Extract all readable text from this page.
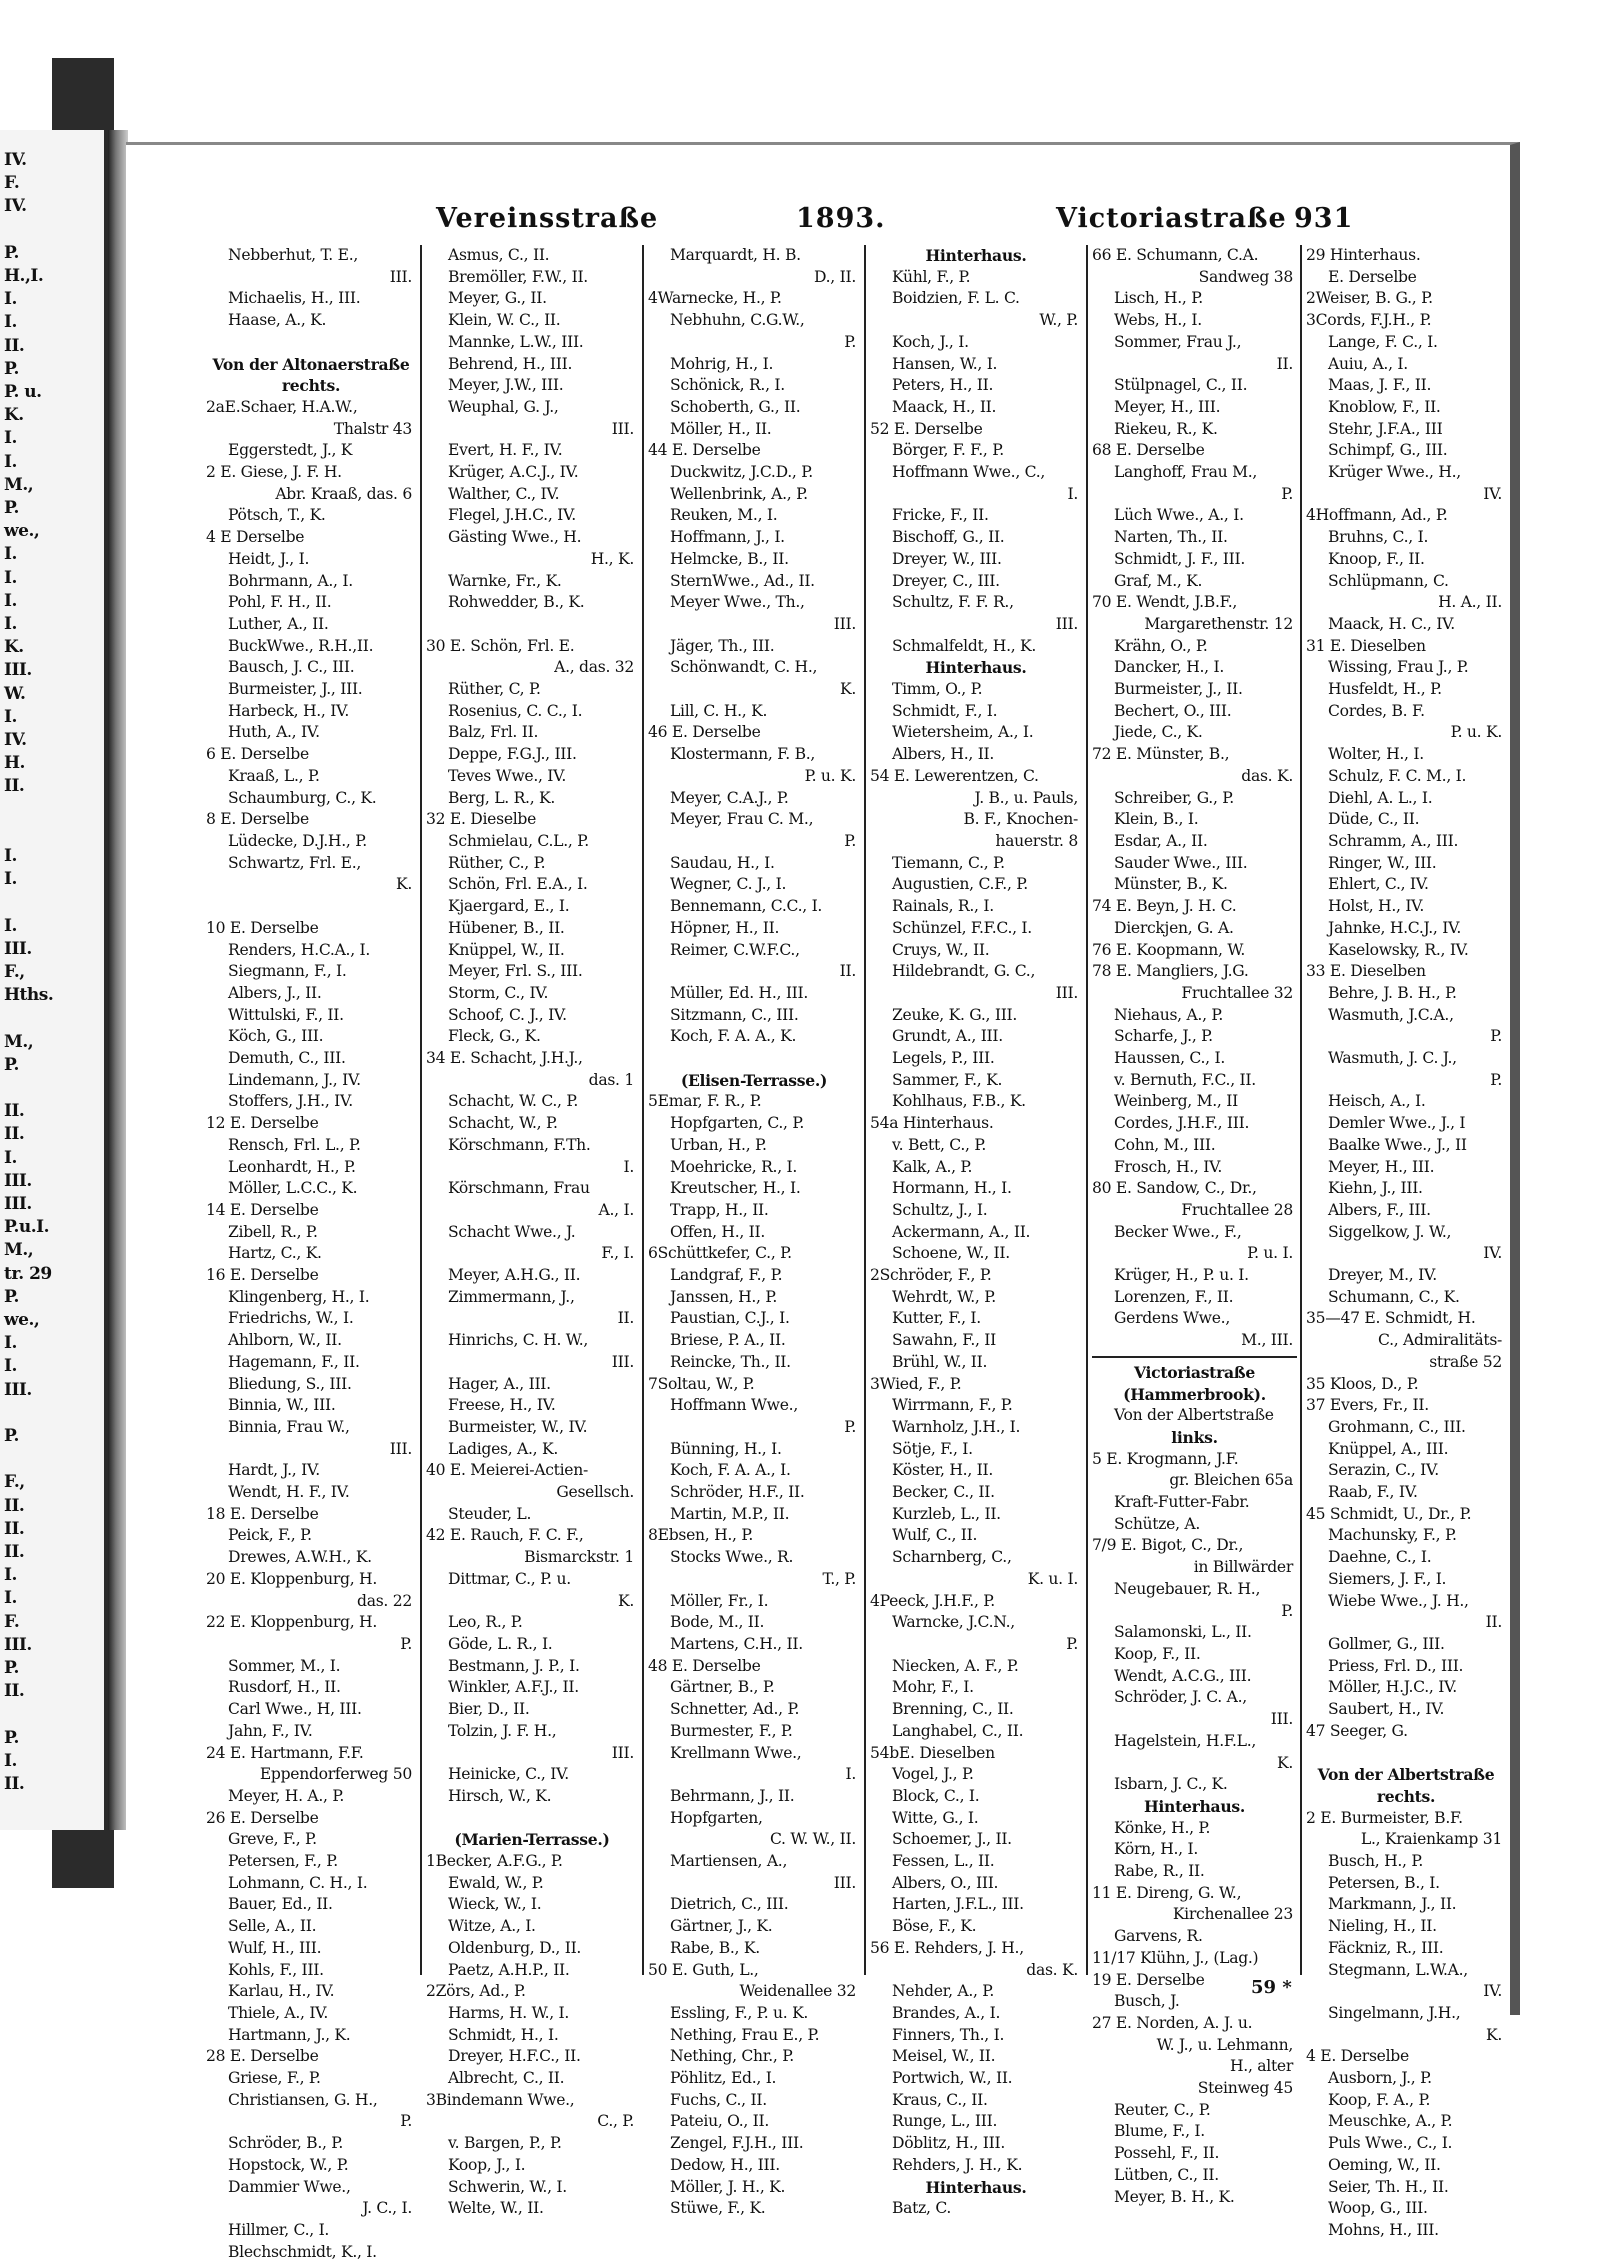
IV.
F.
IV.
P.
H.,I.
I.
I.
II.
P.
P. u.
K.
I.
I.
M.,
P.
we.,
I.
I.
I.
I.
K.
III.
W.
I.
IV.
H.
II.
I.
I.
I.
III.
F.,
Hths.
M.,
P.
II.
II.
I.
III.
III.
P.u.I.
M.,
tr. 29
P.
we.,
I.
I.
III.
P.
F.,
II.
II.
II.
I.
I.
F.
III.
P.
II.
P.
I.
II.
Vereinsstraße	1893.	Victoriastraße 931
Nebberhut, T. E.,
III.
Michaelis, H., III.
Haase, A., K.

Von der Altonaerstraße
rechts.
2aE.Schaer, H.A.W.,
Thalstr 43
Eggerstedt, J., K
2 E. Giese, J. F. H.
Abr. Kraaß, das. 6
Pötsch, T., K.
4 E Derselbe
Heidt, J., I.
Bohrmann, A., I.
Pohl, F. H., II.
Luther, A., II.
BuckWwe., R.H.,II.
Bausch, J. C., III.
Burmeister, J., III.
Harbeck, H., IV.
Huth, A., IV.
6 E. Derselbe
Kraaß, L., P.
Schaumburg, C., K.
8 E. Derselbe
Lüdecke, D.J.H., P.
Schwartz, Frl. E.,
K.

10 E. Derselbe
Renders, H.C.A., I.
Siegmann, F., I.
Albers, J., II.
Wittulski, F., II.
Köch, G., III.
Demuth, C., III.
Lindemann, J., IV.
Stoffers, J.H., IV.
12 E. Derselbe
Rensch, Frl. L., P.
Leonhardt, H., P.
Möller, L.C.C., K.
14 E. Derselbe
Zibell, R., P.
Hartz, C., K.
16 E. Derselbe
Klingenberg, H., I.
Friedrichs, W., I.
Ahlborn, W., II.
Hagemann, F., II.
Bliedung, S., III.
Binnia, W., III.
Binnia, Frau W.,
III.
Hardt, J., IV.
Wendt, H. F., IV.
18 E. Derselbe
Peick, F., P.
Drewes, A.W.H., K.
20 E. Kloppenburg, H.
das. 22
22 E. Kloppenburg, H.
P.
Sommer, M., I.
Rusdorf, H., II.
Carl Wwe., H, III.
Jahn, F., IV.
24 E. Hartmann, F.F.
Eppendorferweg 50
Meyer, H. A., P.
26 E. Derselbe
Greve, F., P.
Petersen, F., P.
Lohmann, C. H., I.
Bauer, Ed., II.
Selle, A., II.
Wulf, H., III.
Kohls, F., III.
Karlau, H., IV.
Thiele, A., IV.
Hartmann, J., K.
28 E. Derselbe
Griese, F., P.
Christiansen, G. H.,
P.
Schröder, B., P.
Hopstock, W., P.
Dammier Wwe.,
J. C., I.
Hillmer, C., I.
Blechschmidt, K., I.
Asmus, C., II.
Bremöller, F.W., II.
Meyer, G., II.
Klein, W. C., II.
Mannke, L.W., III.
Behrend, H., III.
Meyer, J.W., III.
Weuphal, G. J.,
III.
Evert, H. F., IV.
Krüger, A.C.J., IV.
Walther, C., IV.
Flegel, J.H.C., IV.
Gästing Wwe., H.
H., K.
Warnke, Fr., K.
Rohwedder, B., K.

30 E. Schön, Frl. E.
A., das. 32
Rüther, C, P.
Rosenius, C. C., I.
Balz, Frl. II.
Deppe, F.G.J., III.
Teves Wwe., IV.
Berg, L. R., K.
32 E. Dieselbe
Schmielau, C.L., P.
Rüther, C., P.
Schön, Frl. E.A., I.
Kjaergard, E., I.
Hübener, B., II.
Knüppel, W., II.
Meyer, Frl. S., III.
Storm, C., IV.
Schoof, C. J., IV.
Fleck, G., K.
34 E. Schacht, J.H.J.,
das. 1
Schacht, W. C., P.
Schacht, W., P.
Körschmann, F.Th.
I.
Körschmann, Frau
A., I.
Schacht Wwe., J.
F., I.
Meyer, A.H.G., II.
Zimmermann, J.,
II.
Hinrichs, C. H. W.,
III.
Hager, A., III.
Freese, H., IV.
Burmeister, W., IV.
Ladiges, A., K.
40 E. Meierei-Actien-
Gesellsch.
Steuder, L.
42 E. Rauch, F. C. F.,
Bismarckstr. 1
Dittmar, C., P. u.
K.
Leo, R., P.
Göde, L. R., I.
Bestmann, J. P., I.
Winkler, A.F.J., II.
Bier, D., II.
Tolzin, J. F. H.,
III.
Heinicke, C., IV.
Hirsch, W., K.

(Marien-Terrasse.)
1Becker, A.F.G., P.
Ewald, W., P.
Wieck, W., I.
Witze, A., I.
Oldenburg, D., II.
Paetz, A.H.P., II.
2Zörs, Ad., P.
Harms, H. W., I.
Schmidt, H., I.
Dreyer, H.F.C., II.
Albrecht, C., II.
3Bindemann Wwe.,
C., P.
v. Bargen, P., P.
Koop, J., I.
Schwerin, W., I.
Welte, W., II.
Marquardt, H. B.
D., II.
4Warnecke, H., P.
Nebhuhn, C.G.W.,
P.
Mohrig, H., I.
Schönick, R., I.
Schoberth, G., II.
Möller, H., II.
44 E. Derselbe
Duckwitz, J.C.D., P.
Wellenbrink, A., P.
Reuken, M., I.
Hoffmann, J., I.
Helmcke, B., II.
SternWwe., Ad., II.
Meyer Wwe., Th.,
III.
Jäger, Th., III.
Schönwandt, C. H.,
K.
Lill, C. H., K.
46 E. Derselbe
Klostermann, F. B.,
P. u. K.
Meyer, C.A.J., P.
Meyer, Frau C. M.,
P.
Saudau, H., I.
Wegner, C. J., I.
Bennemann, C.C., I.
Höpner, H., II.
Reimer, C.W.F.C.,
II.
Müller, Ed. H., III.
Sitzmann, C., III.
Koch, F. A. A., K.

(Elisen-Terrasse.)
5Emar, F. R., P.
Hopfgarten, C., P.
Urban, H., P.
Moehricke, R., I.
Kreutscher, H., I.
Trapp, H., II.
Offen, H., II.
6Schüttkefer, C., P.
Landgraf, F., P.
Janssen, H., P.
Paustian, C.J., I.
Briese, P. A., II.
Reincke, Th., II.
7Soltau, W., P.
Hoffmann Wwe.,
P.
Bünning, H., I.
Koch, F. A. A., I.
Schröder, H.F., II.
Martin, M.P., II.
8Ebsen, H., P.
Stocks Wwe., R.
T., P.
Möller, Fr., I.
Bode, M., II.
Martens, C.H., II.
48 E. Derselbe
Gärtner, B., P.
Schnetter, Ad., P.
Burmester, F., P.
Krellmann Wwe.,
I.
Behrmann, J., II.
Hopfgarten,
C. W. W., II.
Martiensen, A.,
III.
Dietrich, C., III.
Gärtner, J., K.
Rabe, B., K.
50 E. Guth, L.,
Weidenallee 32
Essling, F., P. u. K.
Nething, Frau E., P.
Nething, Chr., P.
Pöhlitz, Ed., I.
Fuchs, C., II.
Pateiu, O., II.
Zengel, F.J.H., III.
Dedow, H., III.
Möller, J. H., K.
Stüwe, F., K.
Hinterhaus.
Kühl, F., P.
Boidzien, F. L. C.
W., P.
Koch, J., I.
Hansen, W., I.
Peters, H., II.
Maack, H., II.
52 E. Derselbe
Börger, F. F., P.
Hoffmann Wwe., C.,
I.
Fricke, F., II.
Bischoff, G., II.
Dreyer, W., III.
Dreyer, C., III.
Schultz, F. F. R.,
III.
Schmalfeldt, H., K.
Hinterhaus.
Timm, O., P.
Schmidt, F., I.
Wietersheim, A., I.
Albers, H., II.
54 E. Lewerentzen, C.
J. B., u. Pauls,
B. F., Knochen-
hauerstr. 8
Tiemann, C., P.
Augustien, C.F., P.
Rainals, R., I.
Schünzel, F.F.C., I.
Cruys, W., II.
Hildebrandt, G. C.,
III.
Zeuke, K. G., III.
Grundt, A., III.
Legels, P., III.
Sammer, F., K.
Kohlhaus, F.B., K.
54a Hinterhaus.
v. Bett, C., P.
Kalk, A., P.
Hormann, H., I.
Schultz, J., I.
Ackermann, A., II.
Schoene, W., II.
2Schröder, F., P.
Wehrdt, W., P.
Kutter, F., I.
Sawahn, F., II
Brühl, W., II.
3Wied, F., P.
Wirrmann, F., P.
Warnholz, J.H., I.
Sötje, F., I.
Köster, H., II.
Becker, C., II.
Kurzleb, L., II.
Wulf, C., II.
Scharnberg, C.,
K. u. I.
4Peeck, J.H.F., P.
Warncke, J.C.N.,
P.
Niecken, A. F., P.
Mohr, F., I.
Brenning, C., II.
Langhabel, C., II.
54bE. Dieselben
Vogel, J., P.
Block, C., I.
Witte, G., I.
Schoemer, J., II.
Fessen, L., II.
Albers, O., III.
Harten, J.F.L., III.
Böse, F., K.
56 E. Rehders, J. H.,
das. K.
Nehder, A., P.
Brandes, A., I.
Finners, Th., I.
Meisel, W., II.
Portwich, W., II.
Kraus, C., II.
Runge, L., III.
Döblitz, H., III.
Rehders, J. H., K.
Hinterhaus.
Batz, C.
66 E. Schumann, C.A.
Sandweg 38
Lisch, H., P.
Webs, H., I.
Sommer, Frau J.,
II.
Stülpnagel, C., II.
Meyer, H., III.
Riekeu, R., K.
68 E. Derselbe
Langhoff, Frau M.,
P.
Lüch Wwe., A., I.
Narten, Th., II.
Schmidt, J. F., III.
Graf, M., K.
70 E. Wendt, J.B.F.,
Margarethenstr. 12
Krähn, O., P.
Dancker, H., I.
Burmeister, J., II.
Bechert, O., III.
Jiede, C., K.
72 E. Münster, B.,
das. K.
Schreiber, G., P.
Klein, B., I.
Esdar, A., II.
Sauder Wwe., III.
Münster, B., K.
74 E. Beyn, J. H. C.
Dierckjen, G. A.
76 E. Koopmann, W.
78 E. Mangliers, J.G.
Fruchtallee 32
Niehaus, A., P.
Scharfe, J., P.
Haussen, C., I.
v. Bernuth, F.C., II.
Weinberg, M., II
Cordes, J.H.F., III.
Cohn, M., III.
Frosch, H., IV.
80 E. Sandow, C., Dr.,
Fruchtallee 28
Becker Wwe., F.,
P. u. I.
Krüger, H., P. u. I.
Lorenzen, F., II.
Gerdens Wwe.,
M., III.
Victoriastraße
(Hammerbrook).
Von der Albertstraße
links.
5 E. Krogmann, J.F.
gr. Bleichen 65a
Kraft-Futter-Fabr.
Schütze, A.
7/9 E. Bigot, C., Dr.,
in Billwärder
Neugebauer, R. H.,
P.
Salamonski, L., II.
Koop, F., II.
Wendt, A.C.G., III.
Schröder, J. C. A.,
III.
Hagelstein, H.F.L.,
K.
Isbarn, J. C., K.
Hinterhaus.
Könke, H., P.
Körn, H., I.
Rabe, R., II.
11 E. Direng, G. W.,
Kirchenallee 23
Garvens, R.
11/17 Klühn, J., (Lag.)
19 E. Derselbe
Busch, J.
27 E. Norden, A. J. u.
W. J., u. Lehmann,
H., alter
Steinweg 45
Reuter, C., P.
Blume, F., I.
Possehl, F., II.
Lütben, C., II.
Meyer, B. H., K.
29 Hinterhaus.
E. Derselbe
2Weiser, B. G., P.
3Cords, F.J.H., P.
Lange, F. C., I.
Auiu, A., I.
Maas, J. F., II.
Knoblow, F., II.
Stehr, J.F.A., III
Schimpf, G., III.
Krüger Wwe., H.,
IV.
4Hoffmann, Ad., P.
Bruhns, C., I.
Knoop, F., II.
Schlüpmann, C.
H. A., II.
Maack, H. C., IV.
31 E. Dieselben
Wissing, Frau J., P.
Husfeldt, H., P.
Cordes, B. F.
P. u. K.
Wolter, H., I.
Schulz, F. C. M., I.
Diehl, A. L., I.
Düde, C., II.
Schramm, A., III.
Ringer, W., III.
Ehlert, C., IV.
Holst, H., IV.
Jahnke, H.C.J., IV.
Kaselowsky, R., IV.
33 E. Dieselben
Behre, J. B. H., P.
Wasmuth, J.C.A.,
P.
Wasmuth, J. C. J.,
P.
Heisch, A., I.
Demler Wwe., J., I
Baalke Wwe., J., II
Meyer, H., III.
Kiehn, J., III.
Albers, F., III.
Siggelkow, J. W.,
IV.
Dreyer, M., IV.
Schumann, C., K.
35—47 E. Schmidt, H.
C., Admiralitäts-
straße 52
35 Kloos, D., P.
37 Evers, Fr., II.
Grohmann, C., III.
Knüppel, A., III.
Serazin, C., IV.
Raab, F., IV.
45 Schmidt, U., Dr., P.
Machunsky, F., P.
Daehne, C., I.
Siemers, J. F., I.
Wiebe Wwe., J. H.,
II.
Gollmer, G., III.
Priess, Frl. D., III.
Möller, H.J.C., IV.
Saubert, H., IV.
47 Seeger, G.

Von der Albertstraße
rechts.
2 E. Burmeister, B.F.
L., Kraienkamp 31
Busch, H., P.
Petersen, B., I.
Markmann, J., II.
Nieling, H., II.
Fäckniz, R., III.
Stegmann, L.W.A.,
IV.
Singelmann, J.H.,
K.
4 E. Derselbe
Ausborn, J., P.
Koop, F. A., P.
Meuschke, A., P.
Puls Wwe., C., I.
Oeming, W., II.
Seier, Th. H., II.
Woop, G., III.
Mohns, H., III.
59 *
